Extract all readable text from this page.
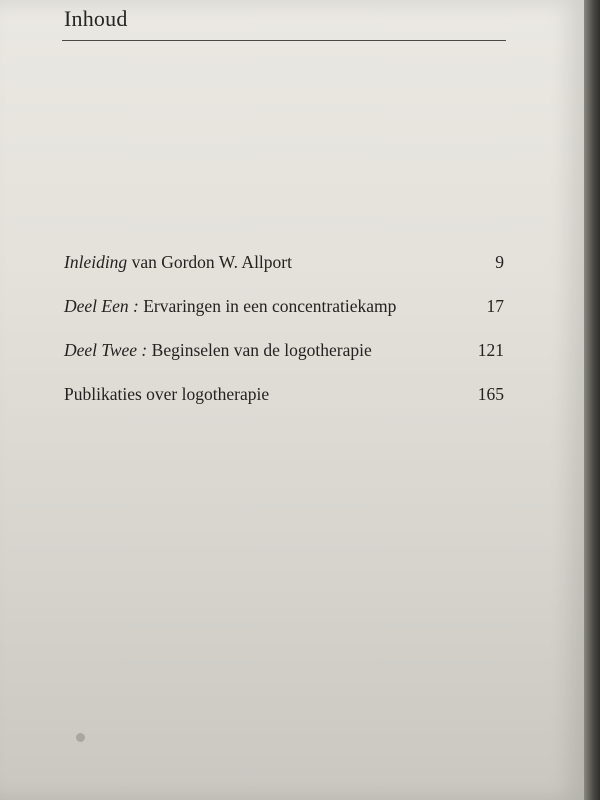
Inhoud
Inleiding van Gordon W. Allport	9
Deel Een : Ervaringen in een concentratiekamp	17
Deel Twee : Beginselen van de logotherapie	121
Publikaties over logotherapie	165
